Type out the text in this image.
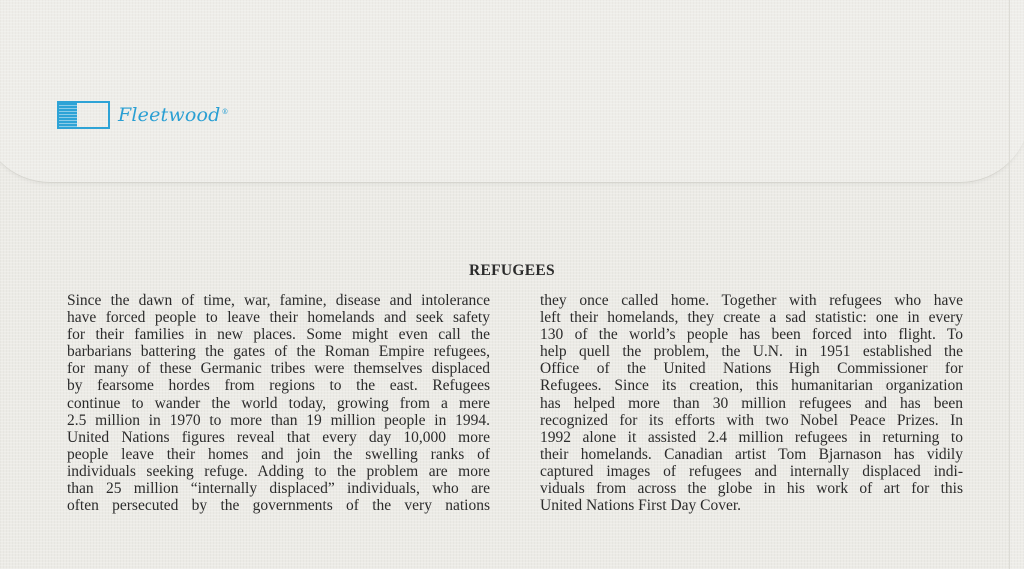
Fleetwood®
REFUGEES
Since the dawn of time, war, famine, disease and intolerance
have forced people to leave their homelands and seek safety
for their families in new places. Some might even call the
barbarians battering the gates of the Roman Empire refugees,
for many of these Germanic tribes were themselves displaced
by fearsome hordes from regions to the east. Refugees
continue to wander the world today, growing from a mere
2.5 million in 1970 to more than 19 million people in 1994.
United Nations figures reveal that every day 10,000 more
people leave their homes and join the swelling ranks of
individuals seeking refuge. Adding to the problem are more
than 25 million “internally displaced” individuals, who are
often persecuted by the governments of the very nations
they once called home. Together with refugees who have
left their homelands, they create a sad statistic: one in every
130 of the world’s people has been forced into flight. To
help quell the problem, the U.N. in 1951 established the
Office of the United Nations High Commissioner for
Refugees. Since its creation, this humanitarian organization
has helped more than 30 million refugees and has been
recognized for its efforts with two Nobel Peace Prizes. In
1992 alone it assisted 2.4 million refugees in returning to
their homelands. Canadian artist Tom Bjarnason has vidily
captured images of refugees and internally displaced indi-
viduals from across the globe in his work of art for this
United Nations First Day Cover.
